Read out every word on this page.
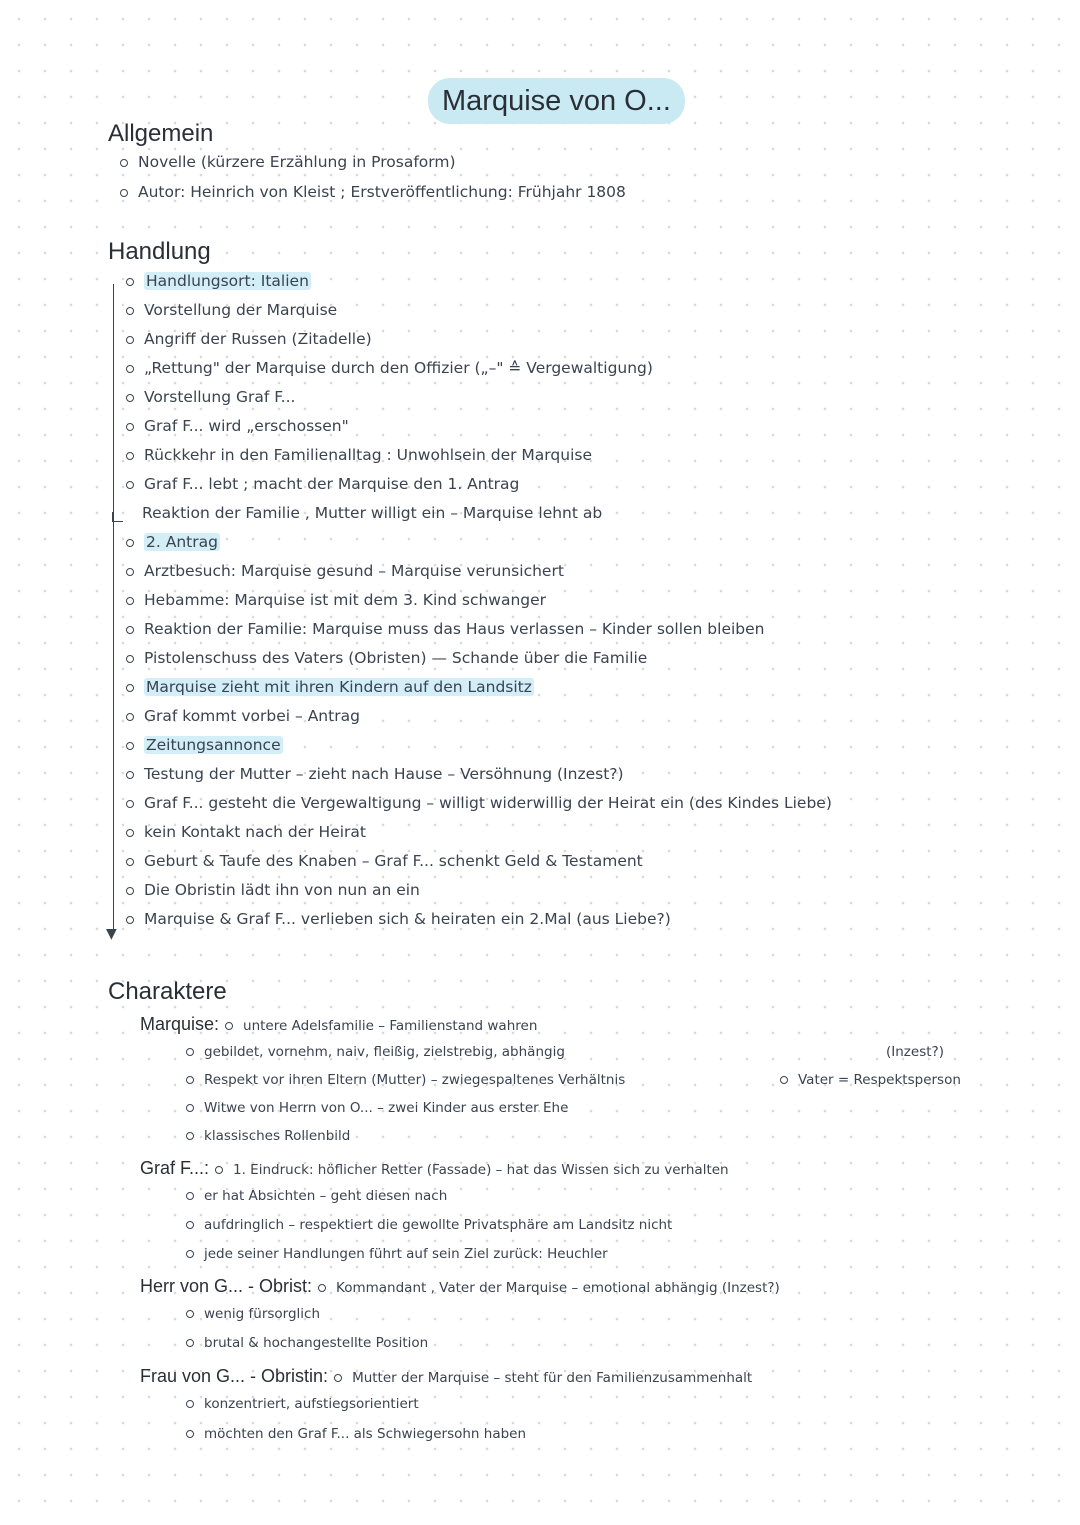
Marquise von O...
Allgemein
Novelle (kürzere Erzählung in Prosaform)
Autor: Heinrich von Kleist ; Erstveröffentlichung: Frühjahr 1808
Handlung
▼
Handlungsort: Italien
Vorstellung der Marquise
Angriff der Russen (Zitadelle)
„Rettung" der Marquise durch den Offizier („–" ≙ Vergewaltigung)
Vorstellung Graf F...
Graf F... wird „erschossen"
Rückkehr in den Familienalltag : Unwohlsein der Marquise
Graf F... lebt ; macht der Marquise den 1. Antrag
Reaktion der Familie , Mutter willigt ein – Marquise lehnt ab
2. Antrag
Arztbesuch: Marquise gesund – Marquise verunsichert
Hebamme: Marquise ist mit dem 3. Kind schwanger
Reaktion der Familie: Marquise muss das Haus verlassen – Kinder sollen bleiben
Pistolenschuss des Vaters (Obristen) — Schande über die Familie
Marquise zieht mit ihren Kindern auf den Landsitz
Graf kommt vorbei – Antrag
Zeitungsannonce
Testung der Mutter – zieht nach Hause – Versöhnung (Inzest?)
Graf F... gesteht die Vergewaltigung – willigt widerwillig der Heirat ein (des Kindes Liebe)
kein Kontakt nach der Heirat
Geburt & Taufe des Knaben – Graf F... schenkt Geld & Testament
Die Obristin lädt ihn von nun an ein
Marquise & Graf F... verlieben sich & heiraten ein 2.Mal (aus Liebe?)
Charaktere
Marquise: untere Adelsfamilie – Familienstand wahren
gebildet, vornehm, naiv, fleißig, zielstrebig, abhängig	(Inzest?)
Respekt vor ihren Eltern (Mutter) – zwiegespaltenes Verhältnis	Vater = Respektsperson
Witwe von Herrn von O... – zwei Kinder aus erster Ehe
klassisches Rollenbild
Graf F...: 1. Eindruck: höflicher Retter (Fassade) – hat das Wissen sich zu verhalten
er hat Absichten – geht diesen nach
aufdringlich – respektiert die gewollte Privatsphäre am Landsitz nicht
jede seiner Handlungen führt auf sein Ziel zurück: Heuchler
Herr von G... - Obrist: Kommandant , Vater der Marquise – emotional abhängig (Inzest?)
wenig fürsorglich
brutal & hochangestellte Position
Frau von G... - Obristin: Mutter der Marquise – steht für den Familienzusammenhalt
konzentriert, aufstiegsorientiert
möchten den Graf F... als Schwiegersohn haben
